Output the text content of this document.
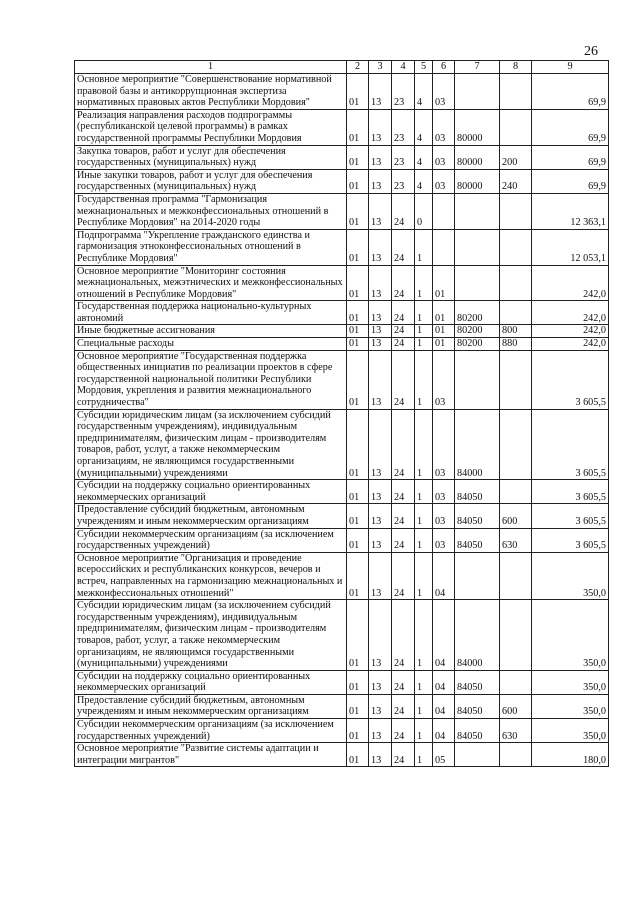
26
1	2	3	4	5	6	7	8	9
Основное мероприятие "Совершенствование нормативной правовой базы и антикоррупционная экспертиза нормативных правовых актов Республики Мордовия"	01	13	23	4	03			69,9
Реализация направления расходов подпрограммы (республиканской целевой программы) в рамках государственной программы Республики Мордовия	01	13	23	4	03	80000		69,9
Закупка товаров, работ и услуг для обеспечения государственных (муниципальных) нужд	01	13	23	4	03	80000	200	69,9
Иные закупки товаров, работ и услуг для обеспечения государственных (муниципальных) нужд	01	13	23	4	03	80000	240	69,9
Государственная программа "Гармонизация межнациональных и межконфессиональных отношений в Республике Мордовия" на 2014-2020 годы	01	13	24	0				12 363,1
Подпрограмма "Укрепление гражданского единства и гармонизация этноконфессиональных отношений в Республике Мордовия"	01	13	24	1				12 053,1
Основное мероприятие "Мониторинг состояния межнациональных, межэтнических и межконфессиональных отношений в Республике Мордовия"	01	13	24	1	01			242,0
Государственная поддержка национально-культурных автономий	01	13	24	1	01	80200		242,0
Иные бюджетные ассигнования	01	13	24	1	01	80200	800	242,0
Специальные расходы	01	13	24	1	01	80200	880	242,0
Основное мероприятие "Государственная поддержка общественных инициатив по реализации проектов в сфере государственной национальной политики Республики Мордовия, укрепления и развития межнационального сотрудничества"	01	13	24	1	03			3 605,5
Субсидии юридическим лицам (за исключением субсидий государственным учреждениям), индивидуальным предпринимателям, физическим лицам - производителям товаров, работ, услуг, а также некоммерческим организациям, не являющимся государственными (муниципальными) учреждениями	01	13	24	1	03	84000		3 605,5
Субсидии на поддержку социально ориентированных некоммерческих организаций	01	13	24	1	03	84050		3 605,5
Предоставление субсидий бюджетным, автономным учреждениям и иным некоммерческим организациям	01	13	24	1	03	84050	600	3 605,5
Субсидии некоммерческим организациям (за исключением государственных учреждений)	01	13	24	1	03	84050	630	3 605,5
Основное мероприятие "Организация и проведение всероссийских и республиканских конкурсов, вечеров и встреч, направленных на гармонизацию межнациональных и межконфессиональных отношений"	01	13	24	1	04			350,0
Субсидии юридическим лицам (за исключением субсидий государственным учреждениям), индивидуальным предпринимателям, физическим лицам - производителям товаров, работ, услуг, а также некоммерческим организациям, не являющимся государственными (муниципальными) учреждениями	01	13	24	1	04	84000		350,0
Субсидии на поддержку социально ориентированных некоммерческих организаций	01	13	24	1	04	84050		350,0
Предоставление субсидий бюджетным, автономным учреждениям и иным некоммерческим организациям	01	13	24	1	04	84050	600	350,0
Субсидии некоммерческим организациям (за исключением государственных учреждений)	01	13	24	1	04	84050	630	350,0
Основное мероприятие "Развитие системы адаптации и интеграции мигрантов"	01	13	24	1	05			180,0
